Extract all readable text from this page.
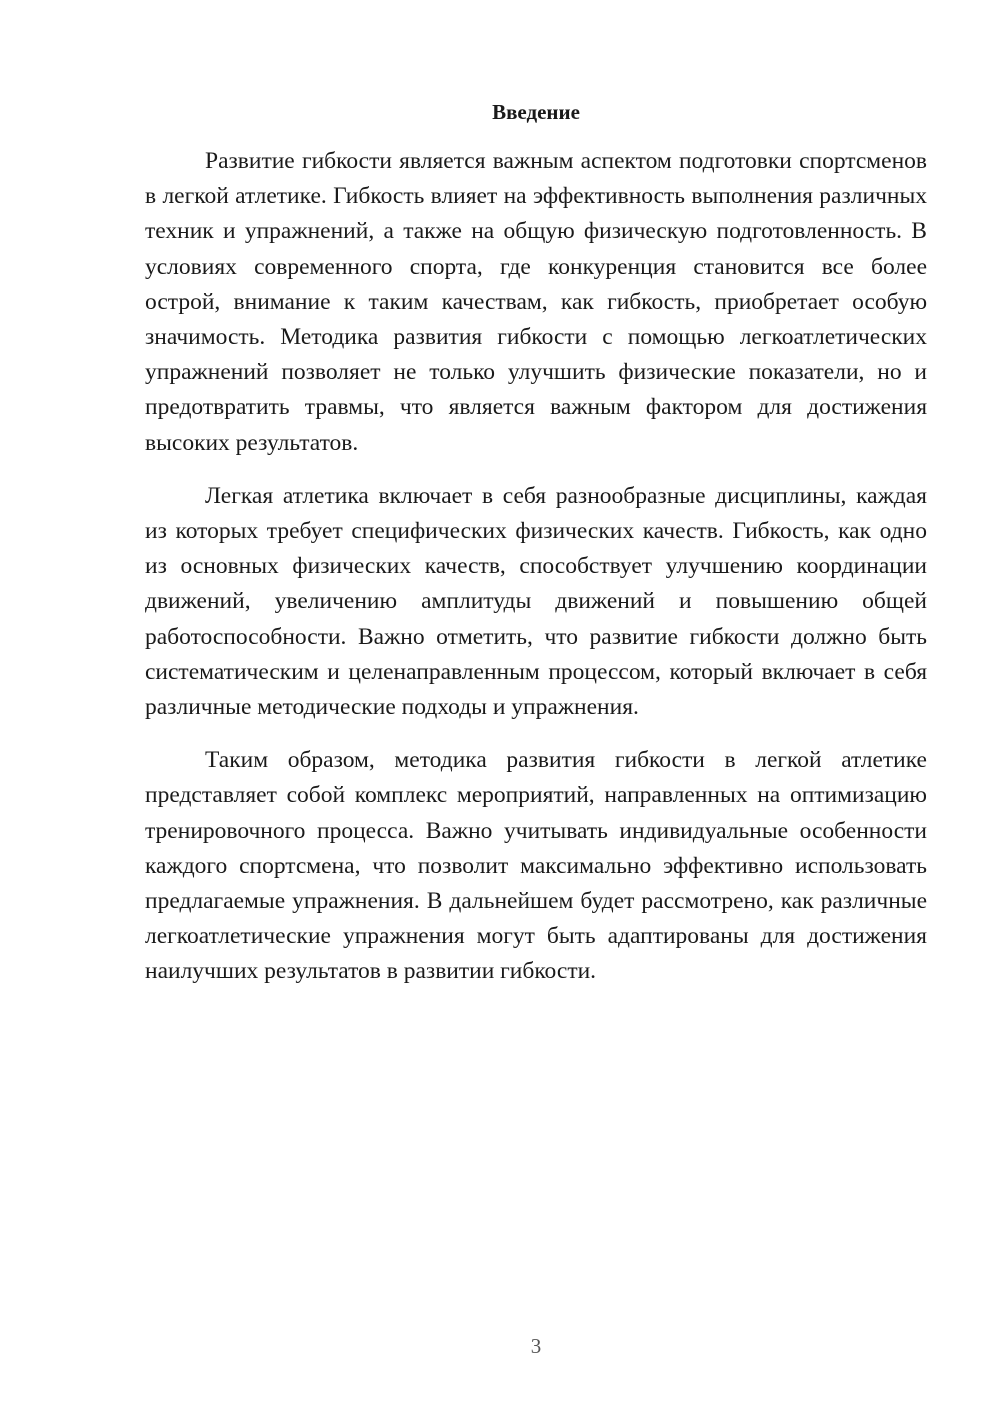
Введение

Развитие гибкости является важным аспектом подготовки спортсменов в легкой атлетике. Гибкость влияет на эффективность выполнения различных техник и упражнений, а также на общую физическую подготовленность. В условиях современного спорта, где конкуренция становится все более острой, внимание к таким качествам, как гибкость, приобретает особую значимость. Методика развития гибкости с помощью легкоатлетических упражнений позволяет не только улучшить физические показатели, но и предотвратить травмы, что является важным фактором для достижения высоких результатов.

Легкая атлетика включает в себя разнообразные дисциплины, каждая из которых требует специфических физических качеств. Гибкость, как одно из основных физических качеств, способствует улучшению координации движений, увеличению амплитуды движений и повышению общей работоспособности. Важно отметить, что развитие гибкости должно быть систематическим и целенаправленным процессом, который включает в себя различные методические подходы и упражнения.

Таким образом, методика развития гибкости в легкой атлетике представляет собой комплекс мероприятий, направленных на оптимизацию тренировочного процесса. Важно учитывать индивидуальные особенности каждого спортсмена, что позволит максимально эффективно использовать предлагаемые упражнения. В дальнейшем будет рассмотрено, как различные легкоатлетические упражнения могут быть адаптированы для достижения наилучших результатов в развитии гибкости.

3
